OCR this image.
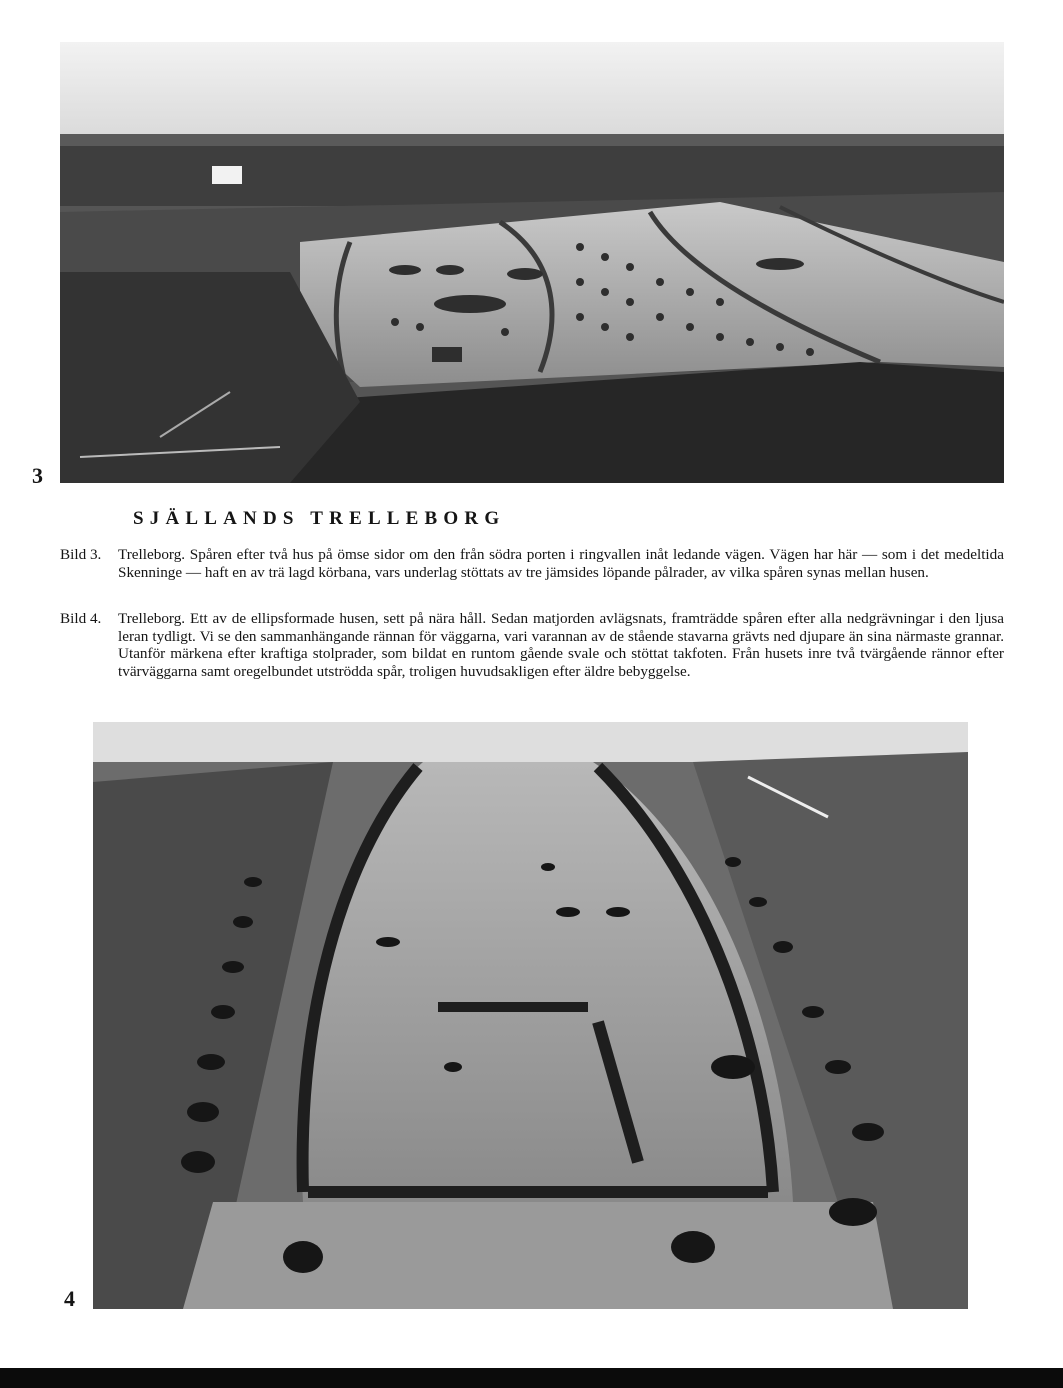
3
SJÄLLANDS TRELLEBORG
Bild 3. Trelleborg. Spåren efter två hus på ömse sidor om den från södra porten i ringvallen inåt ledande vägen. Vägen har här — som i det medeltida Skenninge — haft en av trä lagd körbana, vars underlag stöttats av tre jämsides löpande pålrader, av vilka spåren synas mellan husen.
Bild 4. Trelleborg. Ett av de ellipsformade husen, sett på nära håll. Sedan matjorden avlägsnats, framträdde spåren efter alla nedgrävningar i den ljusa leran tydligt. Vi se den sammanhängande rännan för väggarna, vari varannan av de stående stavarna grävts ned djupare än sina närmaste grannar. Utanför märkena efter kraftiga stolprader, som bildat en runtom gående svale och stöttat takfoten. Från husets inre två tvärgående rännor efter tvärväggarna samt oregelbundet utströdda spår, troligen huvudsakligen efter äldre bebyggelse.
4
